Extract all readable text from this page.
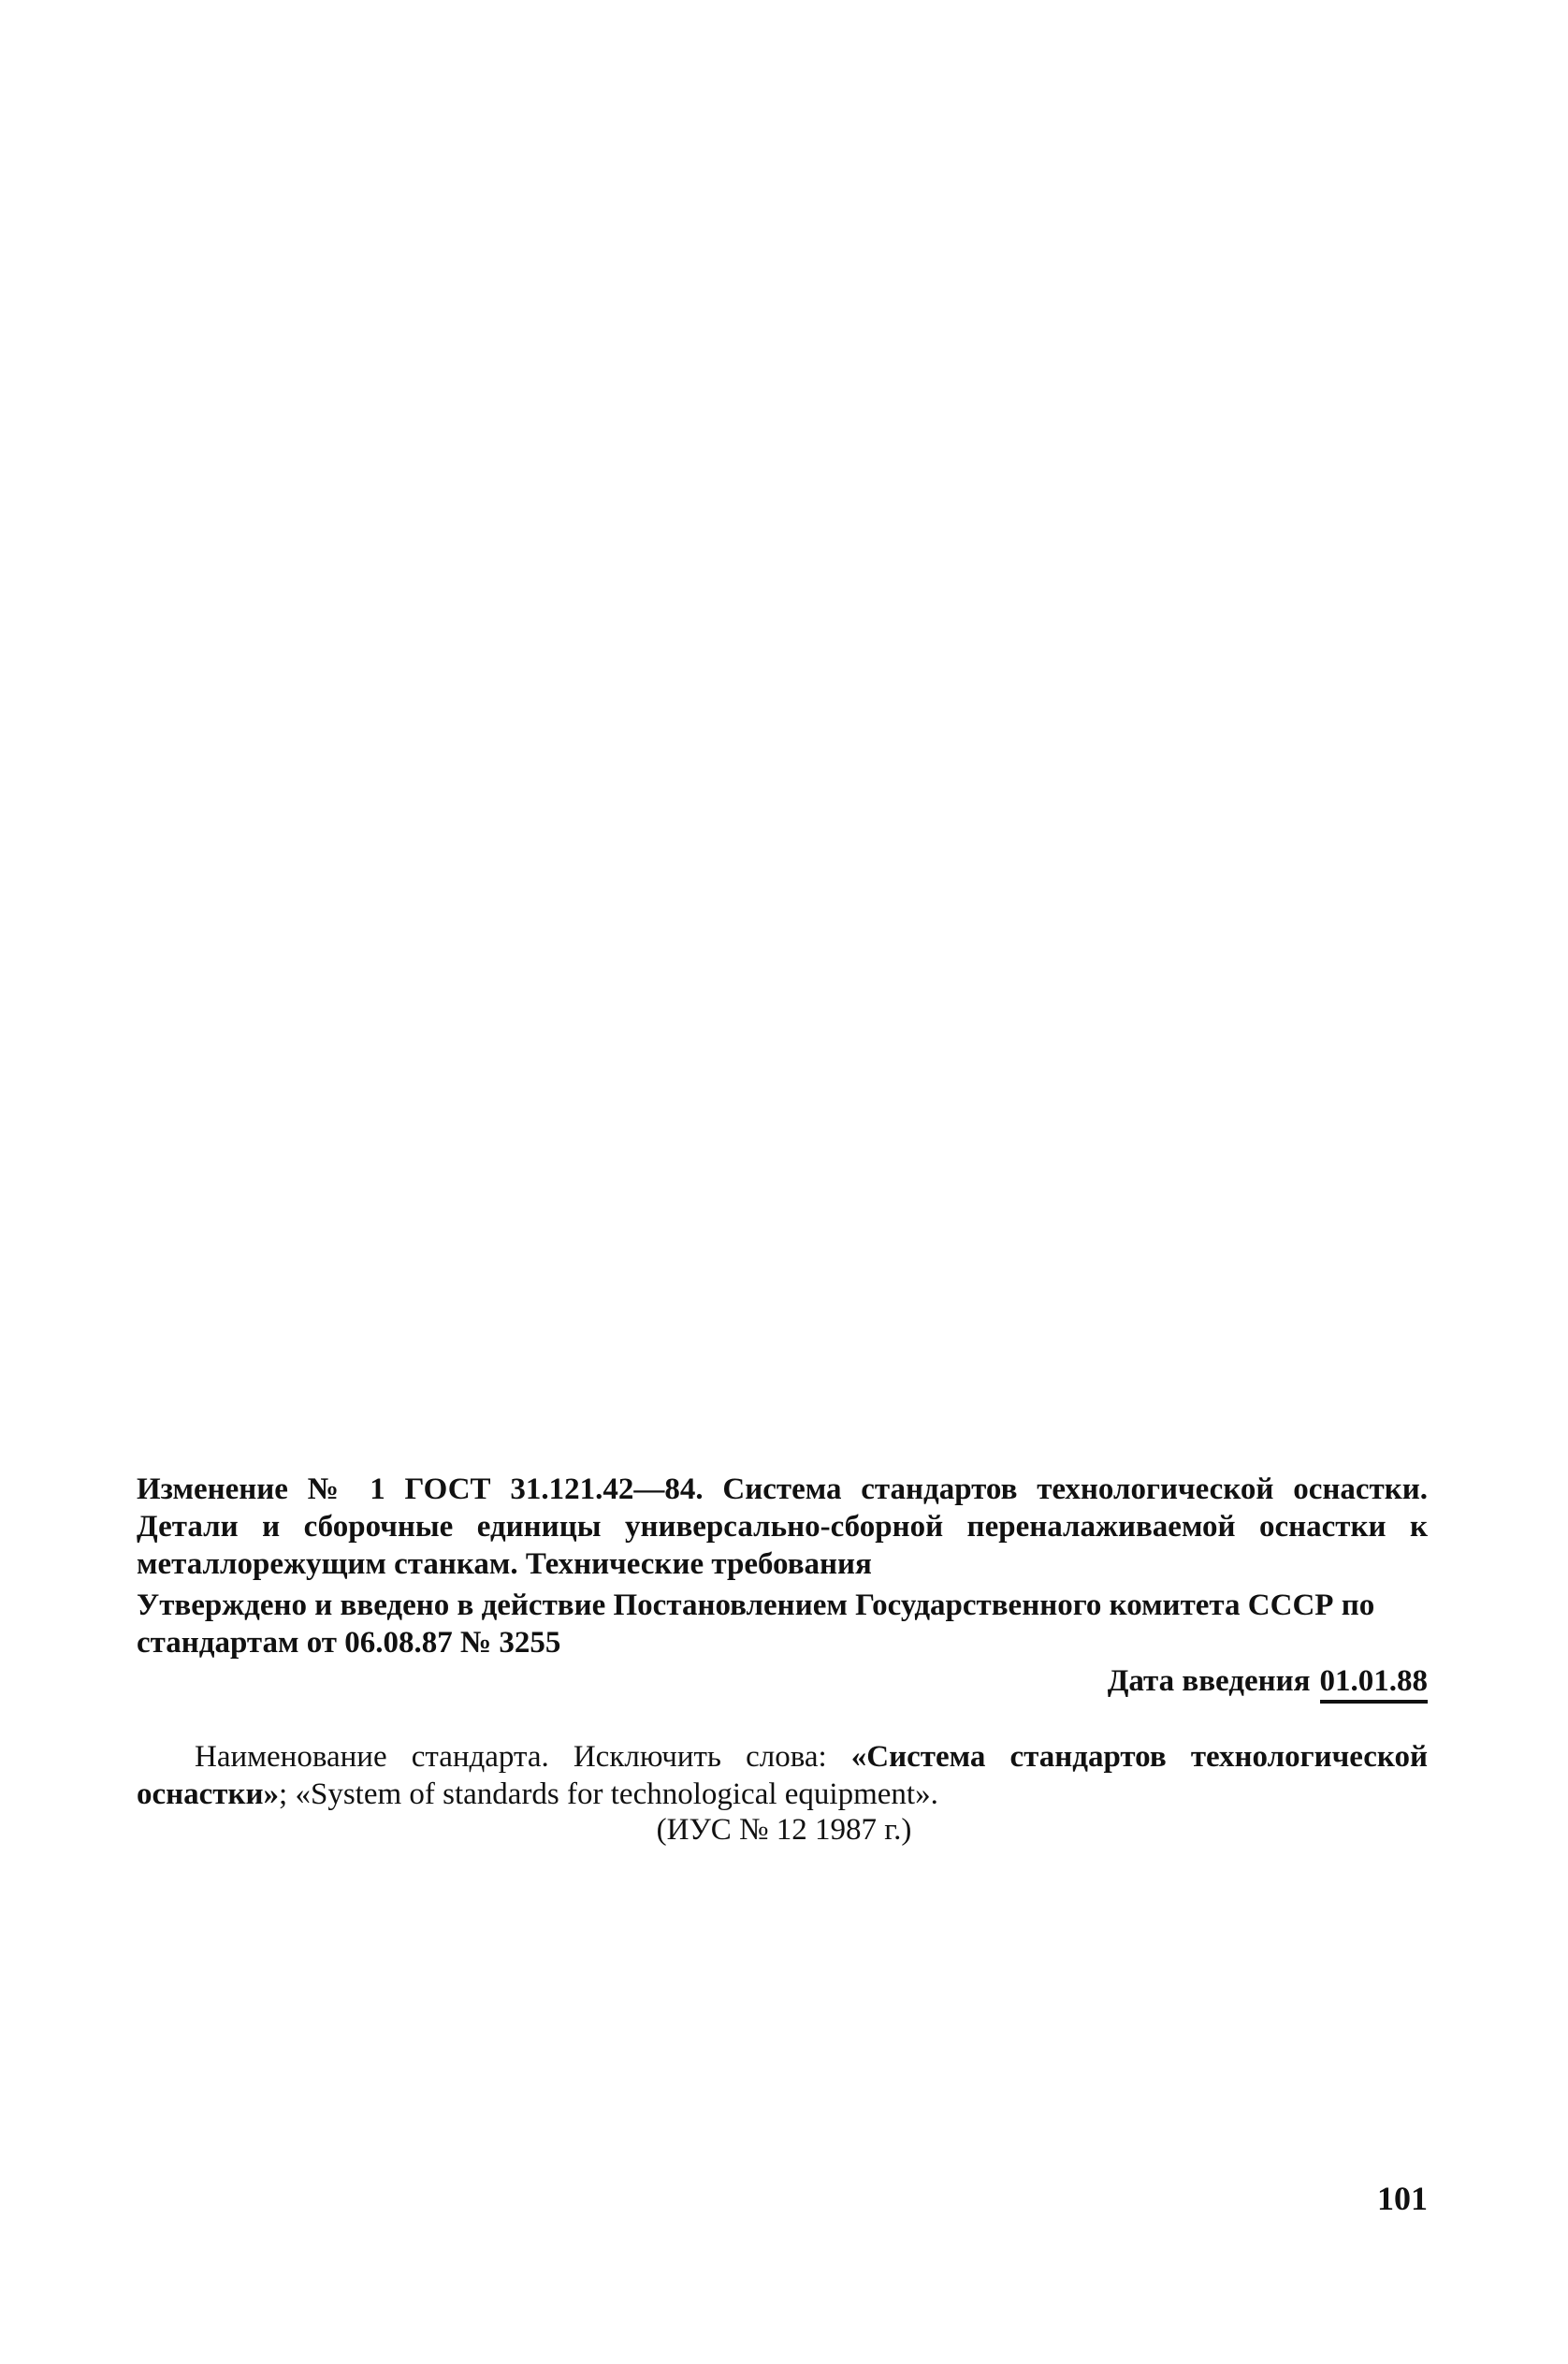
Изменение № 1 ГОСТ 31.121.42—84. Система стандартов технологической оснастки. Детали и сборочные единицы универсально-сборной переналаживаемой оснастки к металлорежущим станкам. Технические требования
Утверждено и введено в действие Постановлением Государственного комитета СССР по стандартам от 06.08.87 № 3255
Дата введения 01.01.88
Наименование стандарта. Исключить слова: «Система стандартов технологической оснастки»; «System of standards for technological equipment».
(ИУС № 12 1987 г.)
101
